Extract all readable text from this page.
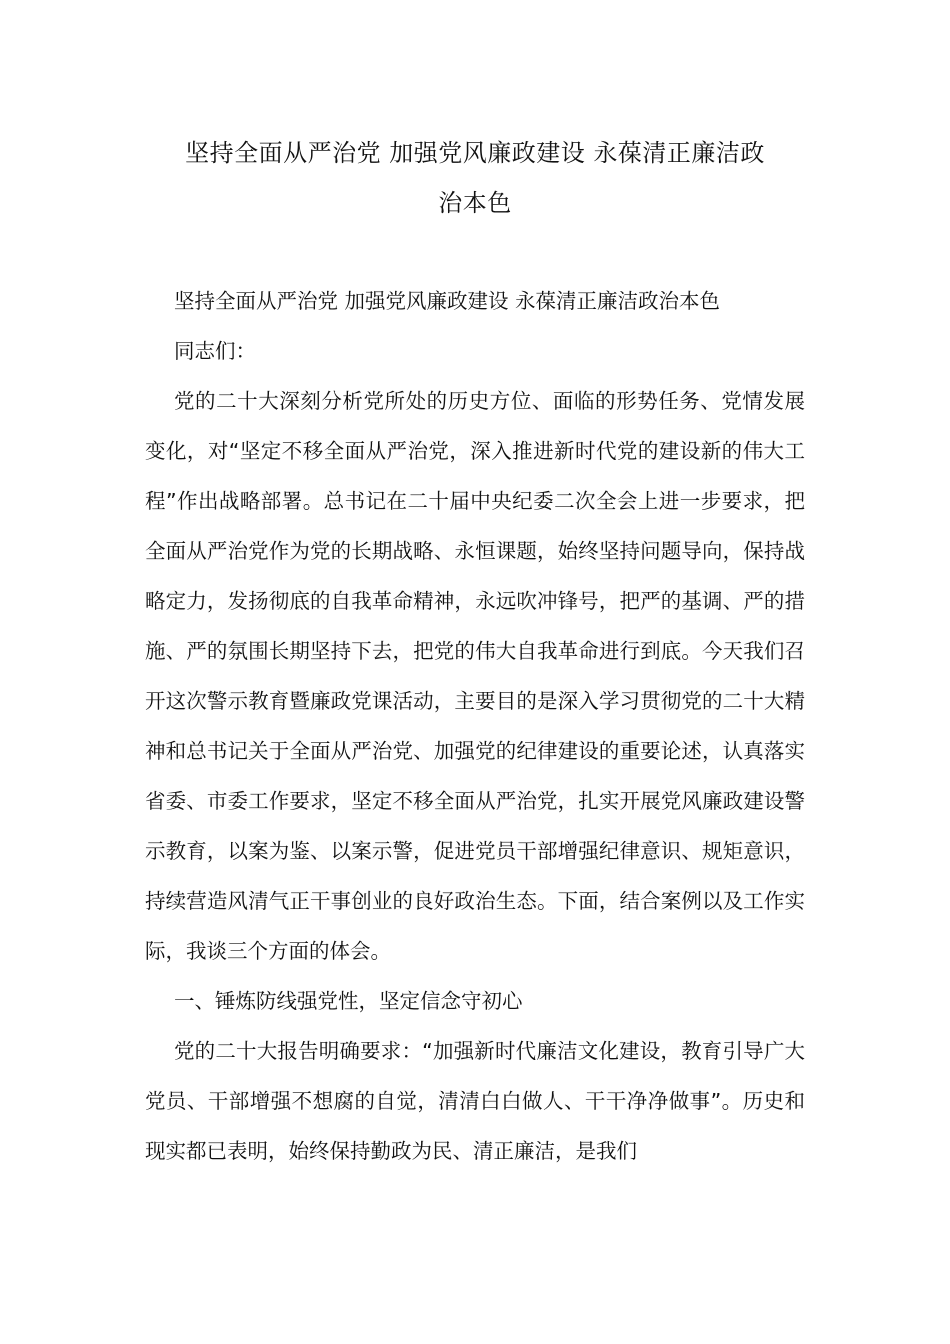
坚持全面从严治党 加强党风廉政建设 永葆清正廉洁政
治本色

坚持全面从严治党 加强党风廉政建设 永葆清正廉洁政治本色

同志们：

党的二十大深刻分析党所处的历史方位、面临的形势任务、党情发展变化，对“坚定不移全面从严治党，深入推进新时代党的建设新的伟大工程”作出战略部署。总书记在二十届中央纪委二次全会上进一步要求，把全面从严治党作为党的长期战略、永恒课题，始终坚持问题导向，保持战略定力，发扬彻底的自我革命精神，永远吹冲锋号，把严的基调、严的措施、严的氛围长期坚持下去，把党的伟大自我革命进行到底。今天我们召开这次警示教育暨廉政党课活动，主要目的是深入学习贯彻党的二十大精神和总书记关于全面从严治党、加强党的纪律建设的重要论述，认真落实省委、市委工作要求，坚定不移全面从严治党，扎实开展党风廉政建设警示教育，以案为鉴、以案示警，促进党员干部增强纪律意识、规矩意识，持续营造风清气正干事创业的良好政治生态。下面，结合案例以及工作实际，我谈三个方面的体会。

一、锤炼防线强党性，坚定信念守初心

党的二十大报告明确要求：“加强新时代廉洁文化建设，教育引导广大党员、干部增强不想腐的自觉，清清白白做人、干干净净做事”。历史和现实都已表明，始终保持勤政为民、清正廉洁，是我们
